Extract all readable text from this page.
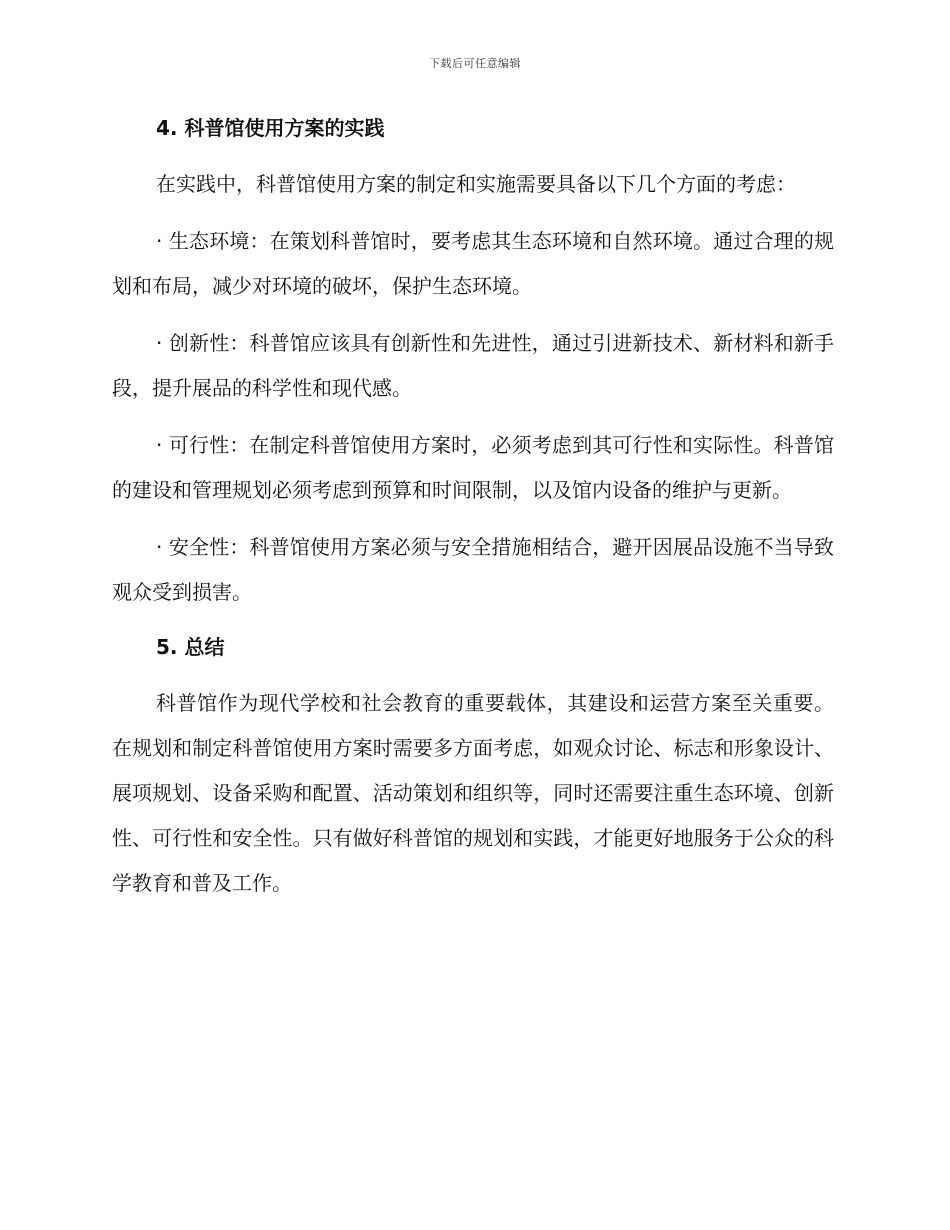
下载后可任意编辑
4. 科普馆使用方案的实践

在实践中，科普馆使用方案的制定和实施需要具备以下几个方面的考虑：

· 生态环境：在策划科普馆时，要考虑其生态环境和自然环境。通过合理的规划和布局，减少对环境的破坏，保护生态环境。

· 创新性：科普馆应该具有创新性和先进性，通过引进新技术、新材料和新手段，提升展品的科学性和现代感。

· 可行性：在制定科普馆使用方案时，必须考虑到其可行性和实际性。科普馆的建设和管理规划必须考虑到预算和时间限制，以及馆内设备的维护与更新。

· 安全性：科普馆使用方案必须与安全措施相结合，避开因展品设施不当导致观众受到损害。

5. 总结

科普馆作为现代学校和社会教育的重要载体，其建设和运营方案至关重要。在规划和制定科普馆使用方案时需要多方面考虑，如观众讨论、标志和形象设计、展项规划、设备采购和配置、活动策划和组织等，同时还需要注重生态环境、创新性、可行性和安全性。只有做好科普馆的规划和实践，才能更好地服务于公众的科学教育和普及工作。
